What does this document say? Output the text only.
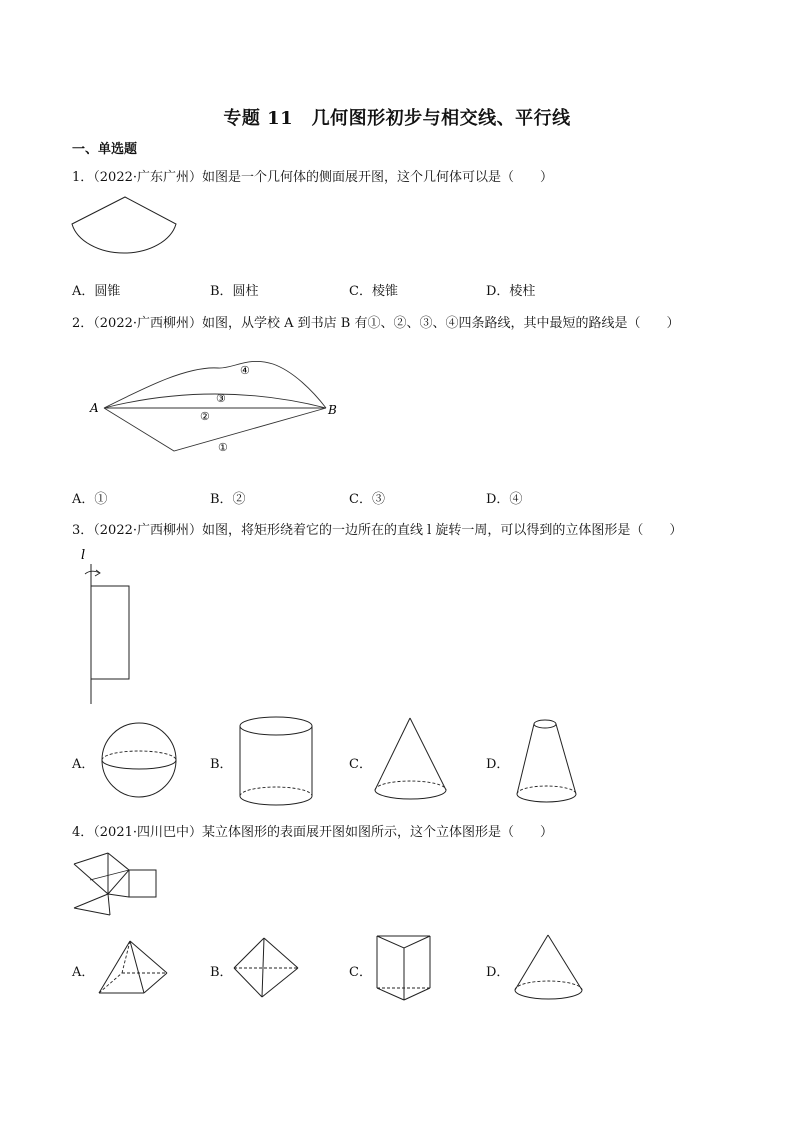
专题 11　几何图形初步与相交线、平行线
一、单选题
1．（2022·广东广州）如图是一个几何体的侧面展开图，这个几何体可以是（　　）
A．圆锥	B．圆柱	C．棱锥	D．棱柱
2．（2022·广西柳州）如图，从学校 A 到书店 B 有①、②、③、④四条路线，其中最短的路线是（　　）
A	B
④
③
②
①
A．①	B．②	C．③	D．④
3．（2022·广西柳州）如图，将矩形绕着它的一边所在的直线 l 旋转一周，可以得到的立体图形是（　　）
l
A．	B．	C．	D．
4．（2021·四川巴中）某立体图形的表面展开图如图所示，这个立体图形是（　　）
A．	B．	C．	D．
